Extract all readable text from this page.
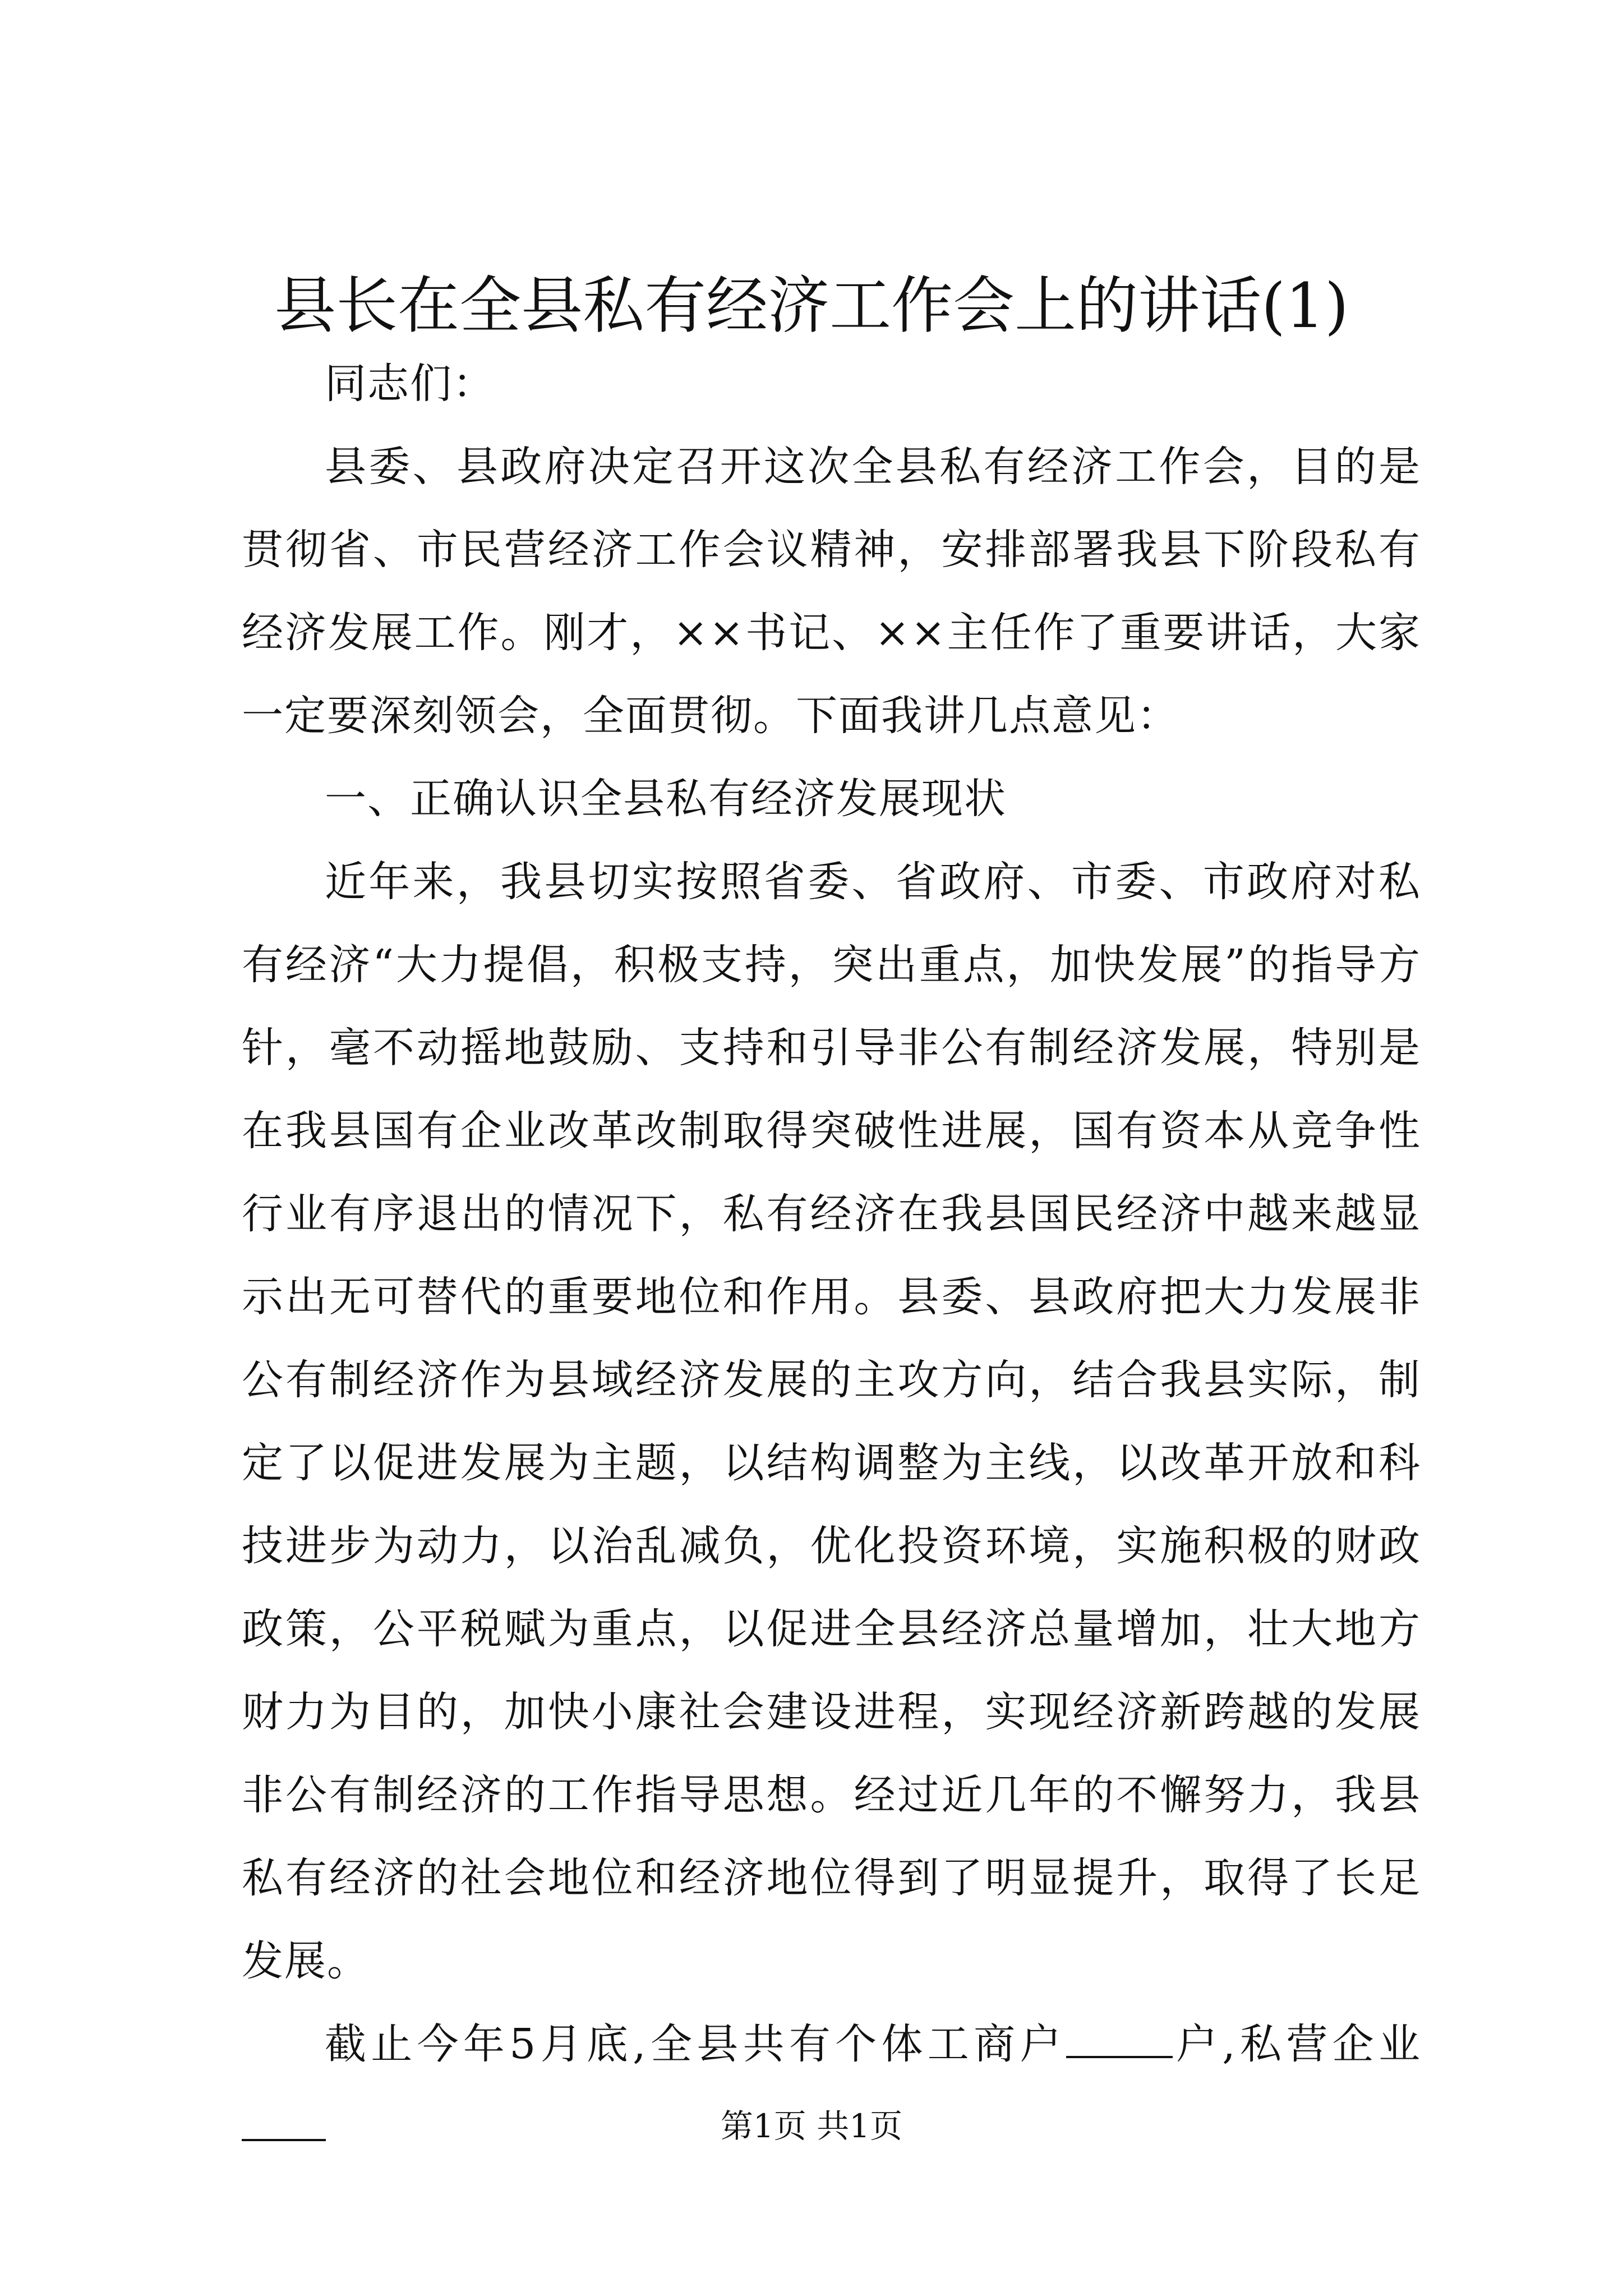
县长在全县私有经济工作会上的讲话(1)

同志们：

县委、县政府决定召开这次全县私有经济工作会，目的是贯彻省、市民营经济工作会议精神，安排部署我县下阶段私有经济发展工作。刚才，××书记、××主任作了重要讲话，大家一定要深刻领会，全面贯彻。下面我讲几点意见：

一、正确认识全县私有经济发展现状

近年来，我县切实按照省委、省政府、市委、市政府对私有经济“大力提倡，积极支持，突出重点，加快发展”的指导方针，毫不动摇地鼓励、支持和引导非公有制经济发展，特别是在我县国有企业改革改制取得突破性进展，国有资本从竞争性行业有序退出的情况下，私有经济在我县国民经济中越来越显示出无可替代的重要地位和作用。县委、县政府把大力发展非公有制经济作为县域经济发展的主攻方向，结合我县实际，制定了以促进发展为主题，以结构调整为主线，以改革开放和科技进步为动力，以治乱减负，优化投资环境，实施积极的财政政策，公平税赋为重点，以促进全县经济总量增加，壮大地方财力为目的，加快小康社会建设进程，实现经济新跨越的发展非公有制经济的工作指导思想。经过近几年的不懈努力，我县私有经济的社会地位和经济地位得到了明显提升，取得了长足发展。

截止今年5月底,全县共有个体工商户	户,私营企业

第1页 共1页
